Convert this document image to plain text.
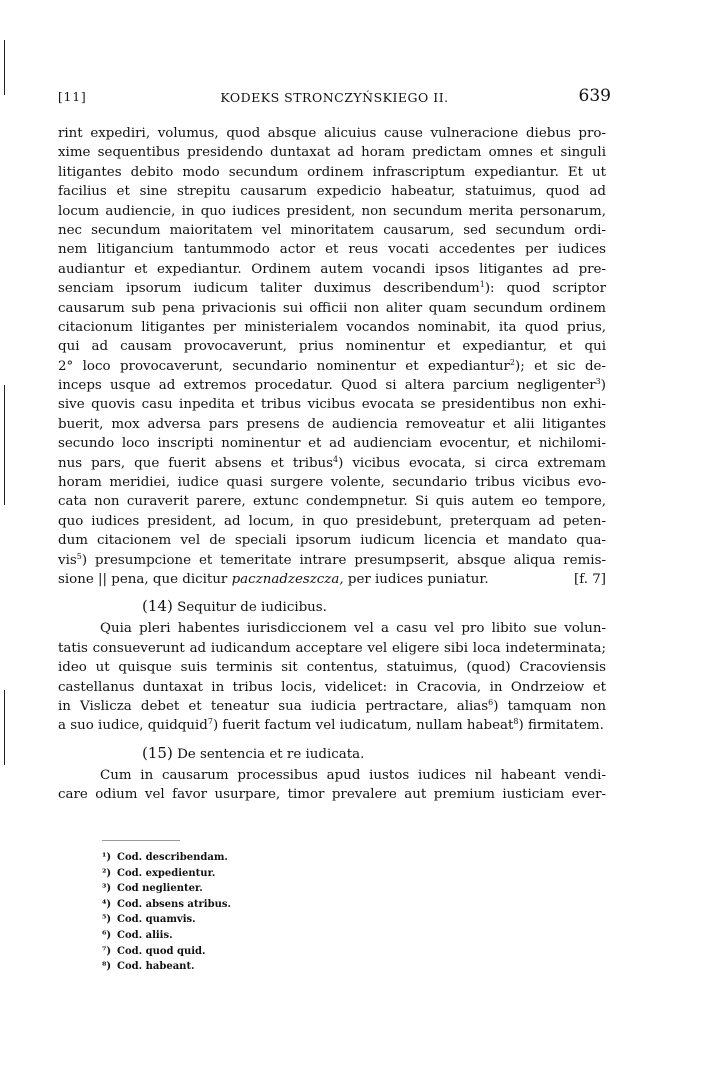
[11]	KODEKS STRONCZYŃSKIEGO II.	639
rint expediri, volumus, quod absque alicuius cause vulneracione diebus pro-
xime sequentibus presidendo duntaxat ad horam predictam omnes et singuli
litigantes debito modo secundum ordinem infrascriptum expediantur. Et ut
facilius et sine strepitu causarum expedicio habeatur, statuimus, quod ad
locum audiencie, in quo iudices president, non secundum merita personarum,
nec secundum maioritatem vel minoritatem causarum, sed secundum ordi-
nem litigancium tantummodo actor et reus vocati accedentes per iudices
audiantur et expediantur. Ordinem autem vocandi ipsos litigantes ad pre-
senciam ipsorum iudicum taliter duximus describendum$^1$): quod scriptor
causarum sub pena privacionis sui officii non aliter quam secundum ordinem
citacionum litigantes per ministerialem vocandos nominabit, ita quod prius,
qui ad causam provocaverunt, prius nominentur et expediantur, et qui
2° loco provocaverunt, secundario nominentur et expediantur$^2$); et sic de-
inceps usque ad extremos procedatur. Quod si altera parcium negligenter$^3$)
sive quovis casu inpedita et tribus vicibus evocata se presidentibus non exhi-
buerit, mox adversa pars presens de audiencia removeatur et alii litigantes
secundo loco inscripti nominentur et ad audienciam evocentur, et nichilomi-
nus pars, que fuerit absens et tribus$^4$) vicibus evocata, si circa extremam
horam meridiei, iudice quasi surgere volente, secundario tribus vicibus evo-
cata non curaverit parere, extunc condempnetur. Si quis autem eo tempore,
quo iudices president, ad locum, in quo presidebunt, preterquam ad peten-
dum citacionem vel de speciali ipsorum iudicum licencia et mandato qua-
vis$^5$) presumpcione et temeritate intrare presumpserit, absque aliqua remis-
sione || pena, que dicitur pacznadzeszcza, per iudices puniatur.	[f. 7]
(14) Sequitur de iudicibus.
Quia pleri habentes iurisdiccionem vel a casu vel pro libito sue volun-
tatis consueverunt ad iudicandum acceptare vel eligere sibi loca indeterminata;
ideo ut quisque suis terminis sit contentus, statuimus, (quod) Cracoviensis
castellanus duntaxat in tribus locis, videlicet: in Cracovia, in Ondrzeiow et
in Vislicza debet et teneatur sua iudicia pertractare, alias$^6$) tamquam non
a suo iudice, quidquid$^7$) fuerit factum vel iudicatum, nullam habeat$^8$) firmitatem.
(15) De sentencia et re iudicata.
Cum in causarum processibus apud iustos iudices nil habeant vendi-
care odium vel favor usurpare, timor prevalere aut premium iusticiam ever-
¹) Cod. describendam.
²) Cod. expedientur.
³) Cod neglienter.
⁴) Cod. absens atribus.
⁵) Cod. quamvis.
⁶) Cod. aliis.
⁷) Cod. quod quid.
⁸) Cod. habeant.
